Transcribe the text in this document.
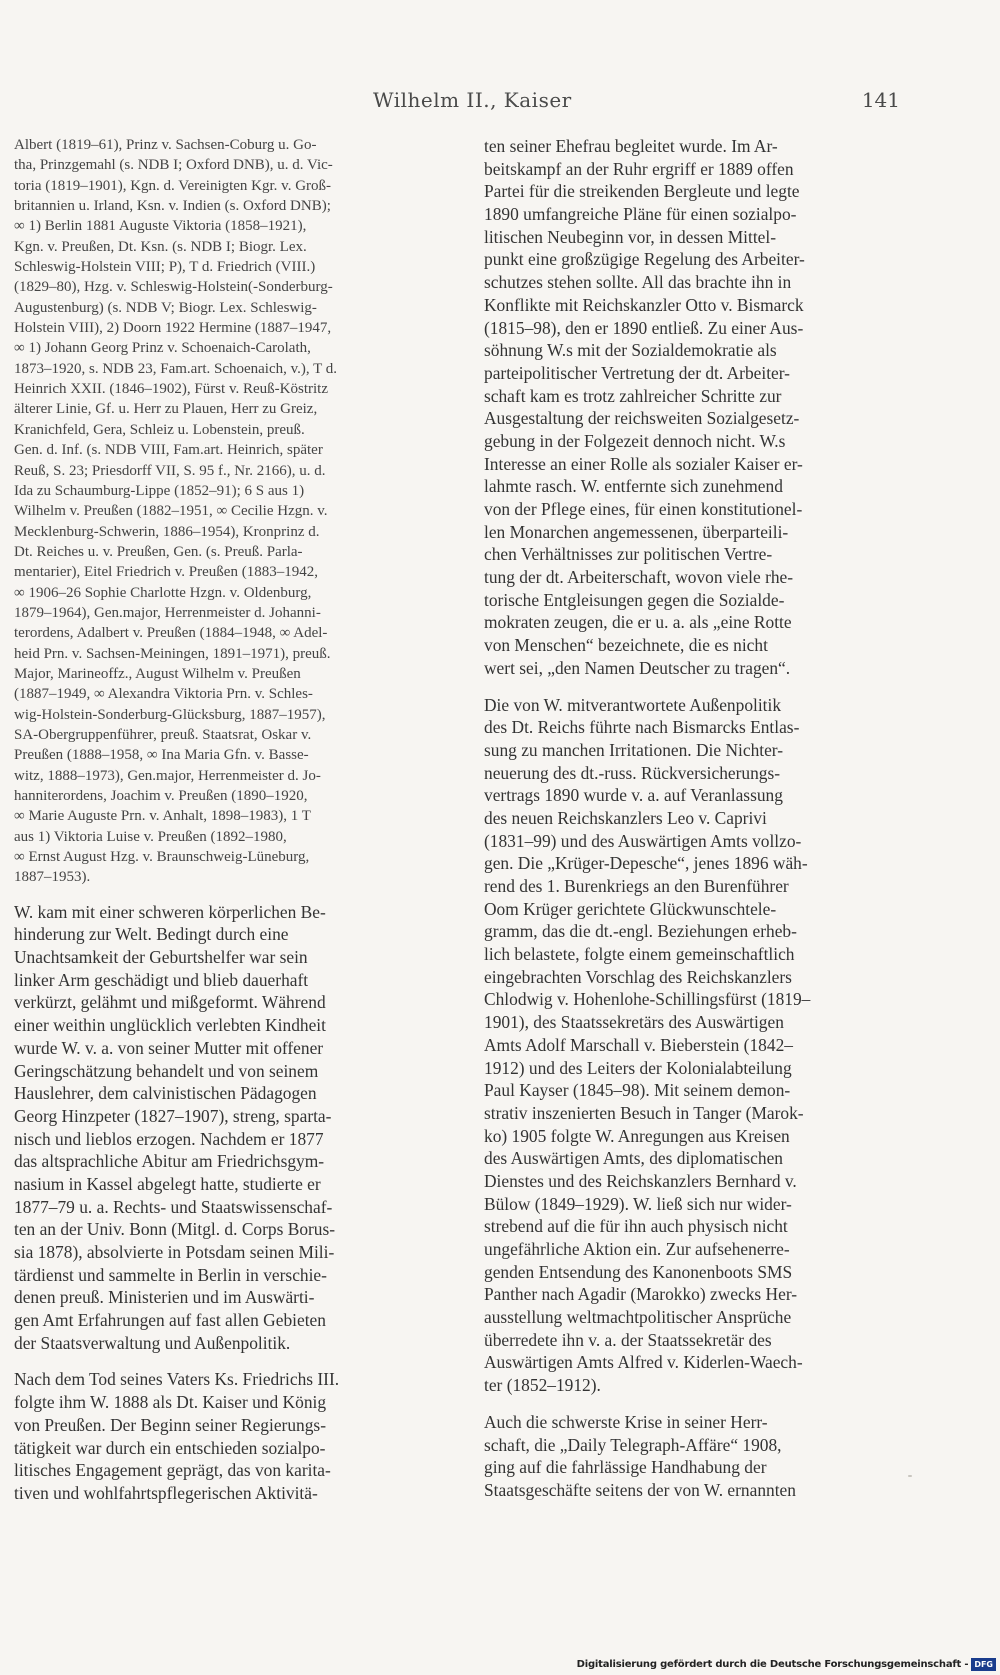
Wilhelm II., Kaiser	141
Albert (1819–61), Prinz v. Sachsen-Coburg u. Go-
tha, Prinzgemahl (s. NDB I; Oxford DNB), u. d. Vic-
toria (1819–1901), Kgn. d. Vereinigten Kgr. v. Groß-
britannien u. Irland, Ksn. v. Indien (s. Oxford DNB);
∞ 1) Berlin 1881 Auguste Viktoria (1858–1921),
Kgn. v. Preußen, Dt. Ksn. (s. NDB I; Biogr. Lex.
Schleswig-Holstein VIII; P), T d. Friedrich (VIII.)
(1829–80), Hzg. v. Schleswig-Holstein(-Sonderburg-
Augustenburg) (s. NDB V; Biogr. Lex. Schleswig-
Holstein VIII), 2) Doorn 1922 Hermine (1887–1947,
∞ 1) Johann Georg Prinz v. Schoenaich-Carolath,
1873–1920, s. NDB 23, Fam.art. Schoenaich, v.), T d.
Heinrich XXII. (1846–1902), Fürst v. Reuß-Köstritz
älterer Linie, Gf. u. Herr zu Plauen, Herr zu Greiz,
Kranichfeld, Gera, Schleiz u. Lobenstein, preuß.
Gen. d. Inf. (s. NDB VIII, Fam.art. Heinrich, später
Reuß, S. 23; Priesdorff VII, S. 95 f., Nr. 2166), u. d.
Ida zu Schaumburg-Lippe (1852–91); 6 S aus 1)
Wilhelm v. Preußen (1882–1951, ∞ Cecilie Hzgn. v.
Mecklenburg-Schwerin, 1886–1954), Kronprinz d.
Dt. Reiches u. v. Preußen, Gen. (s. Preuß. Parla-
mentarier), Eitel Friedrich v. Preußen (1883–1942,
∞ 1906–26 Sophie Charlotte Hzgn. v. Oldenburg,
1879–1964), Gen.major, Herrenmeister d. Johanni-
terordens, Adalbert v. Preußen (1884–1948, ∞ Adel-
heid Prn. v. Sachsen-Meiningen, 1891–1971), preuß.
Major, Marineoffz., August Wilhelm v. Preußen
(1887–1949, ∞ Alexandra Viktoria Prn. v. Schles-
wig-Holstein-Sonderburg-Glücksburg, 1887–1957),
SA-Obergruppenführer, preuß. Staatsrat, Oskar v.
Preußen (1888–1958, ∞ Ina Maria Gfn. v. Basse-
witz, 1888–1973), Gen.major, Herrenmeister d. Jo-
hanniterordens, Joachim v. Preußen (1890–1920,
∞ Marie Auguste Prn. v. Anhalt, 1898–1983), 1 T
aus 1) Viktoria Luise v. Preußen (1892–1980,
∞ Ernst August Hzg. v. Braunschweig-Lüneburg,
1887–1953).
W. kam mit einer schweren körperlichen Be-
hinderung zur Welt. Bedingt durch eine
Unachtsamkeit der Geburtshelfer war sein
linker Arm geschädigt und blieb dauerhaft
verkürzt, gelähmt und mißgeformt. Während
einer weithin unglücklich verlebten Kindheit
wurde W. v. a. von seiner Mutter mit offener
Geringschätzung behandelt und von seinem
Hauslehrer, dem calvinistischen Pädagogen
Georg Hinzpeter (1827–1907), streng, sparta-
nisch und lieblos erzogen. Nachdem er 1877
das altsprachliche Abitur am Friedrichsgym-
nasium in Kassel abgelegt hatte, studierte er
1877–79 u. a. Rechts- und Staatswissenschaf-
ten an der Univ. Bonn (Mitgl. d. Corps Borus-
sia 1878), absolvierte in Potsdam seinen Mili-
tärdienst und sammelte in Berlin in verschie-
denen preuß. Ministerien und im Auswärti-
gen Amt Erfahrungen auf fast allen Gebieten
der Staatsverwaltung und Außenpolitik.
Nach dem Tod seines Vaters Ks. Friedrichs III.
folgte ihm W. 1888 als Dt. Kaiser und König
von Preußen. Der Beginn seiner Regierungs-
tätigkeit war durch ein entschieden sozialpo-
litisches Engagement geprägt, das von karita-
tiven und wohlfahrtspflegerischen Aktivitä-
ten seiner Ehefrau begleitet wurde. Im Ar-
beitskampf an der Ruhr ergriff er 1889 offen
Partei für die streikenden Bergleute und legte
1890 umfangreiche Pläne für einen sozialpo-
litischen Neubeginn vor, in dessen Mittel-
punkt eine großzügige Regelung des Arbeiter-
schutzes stehen sollte. All das brachte ihn in
Konflikte mit Reichskanzler Otto v. Bismarck
(1815–98), den er 1890 entließ. Zu einer Aus-
söhnung W.s mit der Sozialdemokratie als
parteipolitischer Vertretung der dt. Arbeiter-
schaft kam es trotz zahlreicher Schritte zur
Ausgestaltung der reichsweiten Sozialgesetz-
gebung in der Folgezeit dennoch nicht. W.s
Interesse an einer Rolle als sozialer Kaiser er-
lahmte rasch. W. entfernte sich zunehmend
von der Pflege eines, für einen konstitutionel-
len Monarchen angemessenen, überparteili-
chen Verhältnisses zur politischen Vertre-
tung der dt. Arbeiterschaft, wovon viele rhe-
torische Entgleisungen gegen die Sozialde-
mokraten zeugen, die er u. a. als „eine Rotte
von Menschen“ bezeichnete, die es nicht
wert sei, „den Namen Deutscher zu tragen“.
Die von W. mitverantwortete Außenpolitik
des Dt. Reichs führte nach Bismarcks Entlas-
sung zu manchen Irritationen. Die Nichter-
neuerung des dt.-russ. Rückversicherungs-
vertrags 1890 wurde v. a. auf Veranlassung
des neuen Reichskanzlers Leo v. Caprivi
(1831–99) und des Auswärtigen Amts vollzo-
gen. Die „Krüger-Depesche“, jenes 1896 wäh-
rend des 1. Burenkriegs an den Burenführer
Oom Krüger gerichtete Glückwunschtele-
gramm, das die dt.-engl. Beziehungen erheb-
lich belastete, folgte einem gemeinschaftlich
eingebrachten Vorschlag des Reichskanzlers
Chlodwig v. Hohenlohe-Schillingsfürst (1819–
1901), des Staatssekretärs des Auswärtigen
Amts Adolf Marschall v. Bieberstein (1842–
1912) und des Leiters der Kolonialabteilung
Paul Kayser (1845–98). Mit seinem demon-
strativ inszenierten Besuch in Tanger (Marok-
ko) 1905 folgte W. Anregungen aus Kreisen
des Auswärtigen Amts, des diplomatischen
Dienstes und des Reichskanzlers Bernhard v.
Bülow (1849–1929). W. ließ sich nur wider-
strebend auf die für ihn auch physisch nicht
ungefährliche Aktion ein. Zur aufsehenerre-
genden Entsendung des Kanonenboots SMS
Panther nach Agadir (Marokko) zwecks Her-
ausstellung weltmachtpolitischer Ansprüche
überredete ihn v. a. der Staatssekretär des
Auswärtigen Amts Alfred v. Kiderlen-Waech-
ter (1852–1912).
Auch die schwerste Krise in seiner Herr-
schaft, die „Daily Telegraph-Affäre“ 1908,
ging auf die fahrlässige Handhabung der
Staatsgeschäfte seitens der von W. ernannten
Digitalisierung gefördert durch die Deutsche Forschungsgemeinschaft - DFG
